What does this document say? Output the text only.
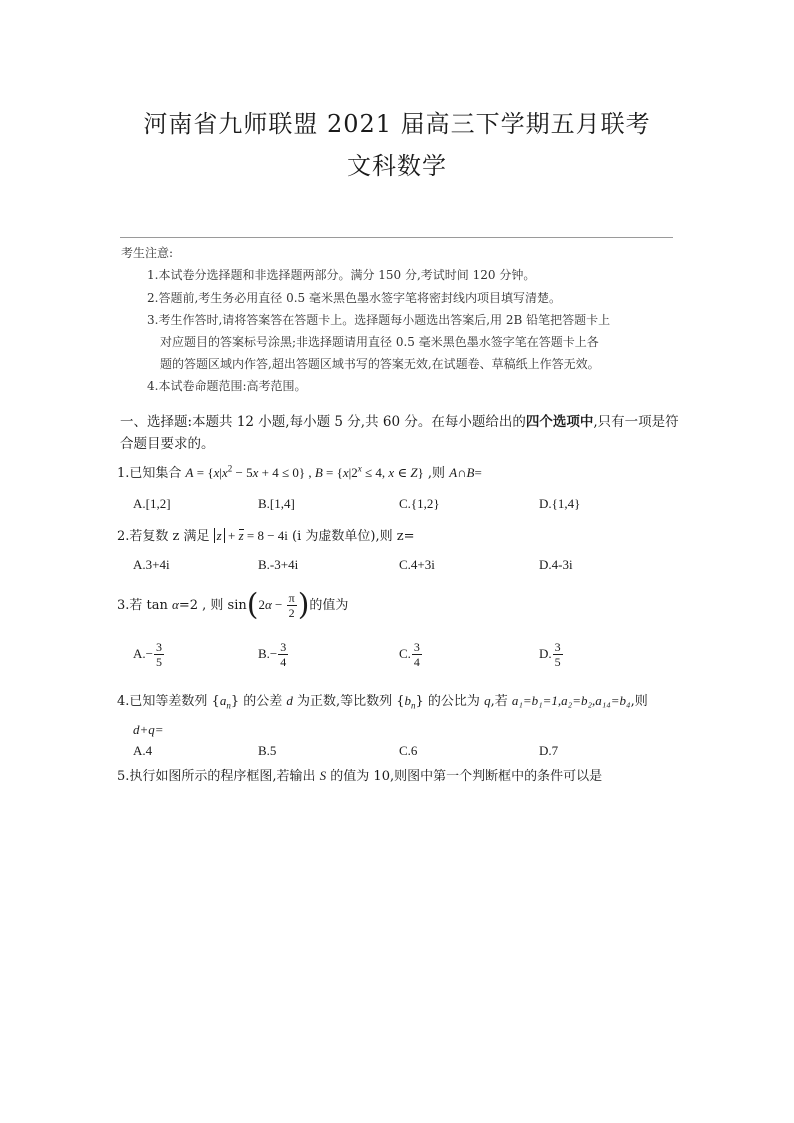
河南省九师联盟 2021 届高三下学期五月联考
文科数学
考生注意:
1.本试卷分选择题和非选择题两部分。满分 150 分,考试时间 120 分钟。
2.答题前,考生务必用直径 0.5 毫米黑色墨水签字笔将密封线内项目填写清楚。
3.考生作答时,请将答案答在答题卡上。选择题每小题选出答案后,用 2B 铅笔把答题卡上
对应题目的答案标号涂黑;非选择题请用直径 0.5 毫米黑色墨水签字笔在答题卡上各
题的答题区域内作答,超出答题区域书写的答案无效,在试题卷、草稿纸上作答无效。
4.本试卷命题范围:高考范围。
一、选择题:本题共 12 小题,每小题 5 分,共 60 分。在每小题给出的四个选项中,只有一项是符
合题目要求的。
1.已知集合 $A = \{x|x^2 - 5x + 4 \le 0\}$ , $B = \{x|2^x \le 4$, x ∈ Z} ,则 A∩B=
A.[1,2]	B.[1,4]	C.{1,2}	D.{1,4}
2.若复数 z 满足 z + z = 8 − 4i (i 为虚数单位),则 z=
A.3+4i	B.-3+4i	C.4+3i	D.4-3i
3.若 tan α=2 , 则 $\sin(2\alpha - \frac{\pi}{2}$ )的值为
$A.- \frac{3}{5}$	$B.- \frac{3}{4}$	C. $\frac{3}{4}$	D. $\frac{3}{5}$
4.已知等差数列 $\{a_n\}$ 的公差 d 为正数,等比数列 $\{b_n\}$ 的公比为 q,若 a₁=b₁=1,a₂=b₂,a₁₄=b₄,则
d+q=
A.4	B.5	C.6	D.7
5.执行如图所示的程序框图,若输出 S 的值为 10,则图中第一个判断框中的条件可以是
